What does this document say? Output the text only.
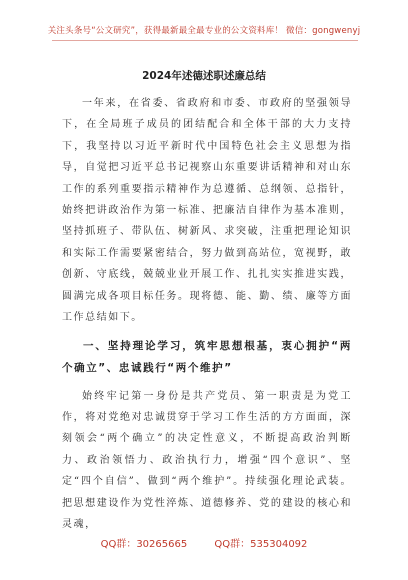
关注头条号“公文研究”，获得最新最全最专业的公文资料库！ 微信：gongwenyj
2024年述德述职述廉总结

一年来，在省委、省政府和市委、市政府的坚强领导下，在全局班子成员的团结配合和全体干部的大力支持下，我坚持以习近平新时代中国特色社会主义思想为指导，自觉把习近平总书记视察山东重要讲话精神和对山东工作的系列重要指示精神作为总遵循、总纲领、总指针，始终把讲政治作为第一标准、把廉洁自律作为基本准则，坚持抓班子、带队伍、树新风、求突破，注重把理论知识和实际工作需要紧密结合，努力做到高站位，宽视野，敢创新、守底线，兢兢业业开展工作、扎扎实实推进实践，圆满完成各项目标任务。现将德、能、勤、绩、廉等方面工作总结如下。

一、坚持理论学习，筑牢思想根基，衷心拥护“两个确立”、忠诚践行“两个维护”

始终牢记第一身份是共产党员、第一职责是为党工作，将对党绝对忠诚贯穿于学习工作生活的方方面面，深刻领会“两个确立”的决定性意义，不断提高政治判断力、政治领悟力、政治执行力，增强“四个意识”、坚定“四个自信”、做到“两个维护”。持续强化理论武装。把思想建设作为党性淬炼、道德修养、党的建设的核心和灵魂，

QQ群：30265665	QQ群：535304092
